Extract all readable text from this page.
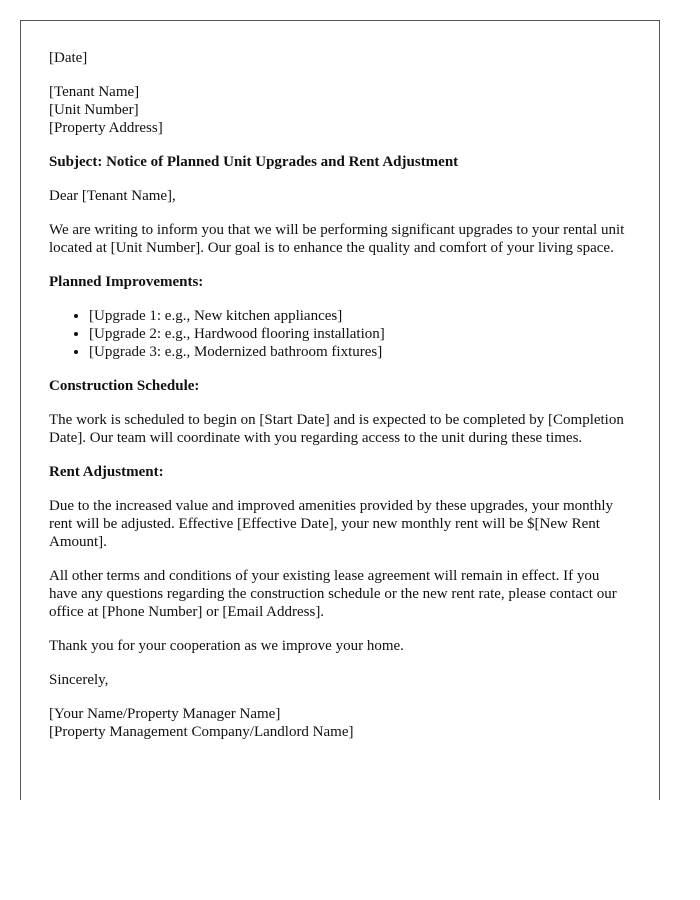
[Date]
[Tenant Name]
[Unit Number]
[Property Address]
Subject: Notice of Planned Unit Upgrades and Rent Adjustment
Dear [Tenant Name],
We are writing to inform you that we will be performing significant upgrades to your rental unit located at [Unit Number]. Our goal is to enhance the quality and comfort of your living space.
Planned Improvements:
• [Upgrade 1: e.g., New kitchen appliances]
• [Upgrade 2: e.g., Hardwood flooring installation]
• [Upgrade 3: e.g., Modernized bathroom fixtures]
Construction Schedule:
The work is scheduled to begin on [Start Date] and is expected to be completed by [Completion Date]. Our team will coordinate with you regarding access to the unit during these times.
Rent Adjustment:
Due to the increased value and improved amenities provided by these upgrades, your monthly rent will be adjusted. Effective [Effective Date], your new monthly rent will be $[New Rent Amount].
All other terms and conditions of your existing lease agreement will remain in effect. If you have any questions regarding the construction schedule or the new rent rate, please contact our office at [Phone Number] or [Email Address].
Thank you for your cooperation as we improve your home.
Sincerely,
[Your Name/Property Manager Name]
[Property Management Company/Landlord Name]
